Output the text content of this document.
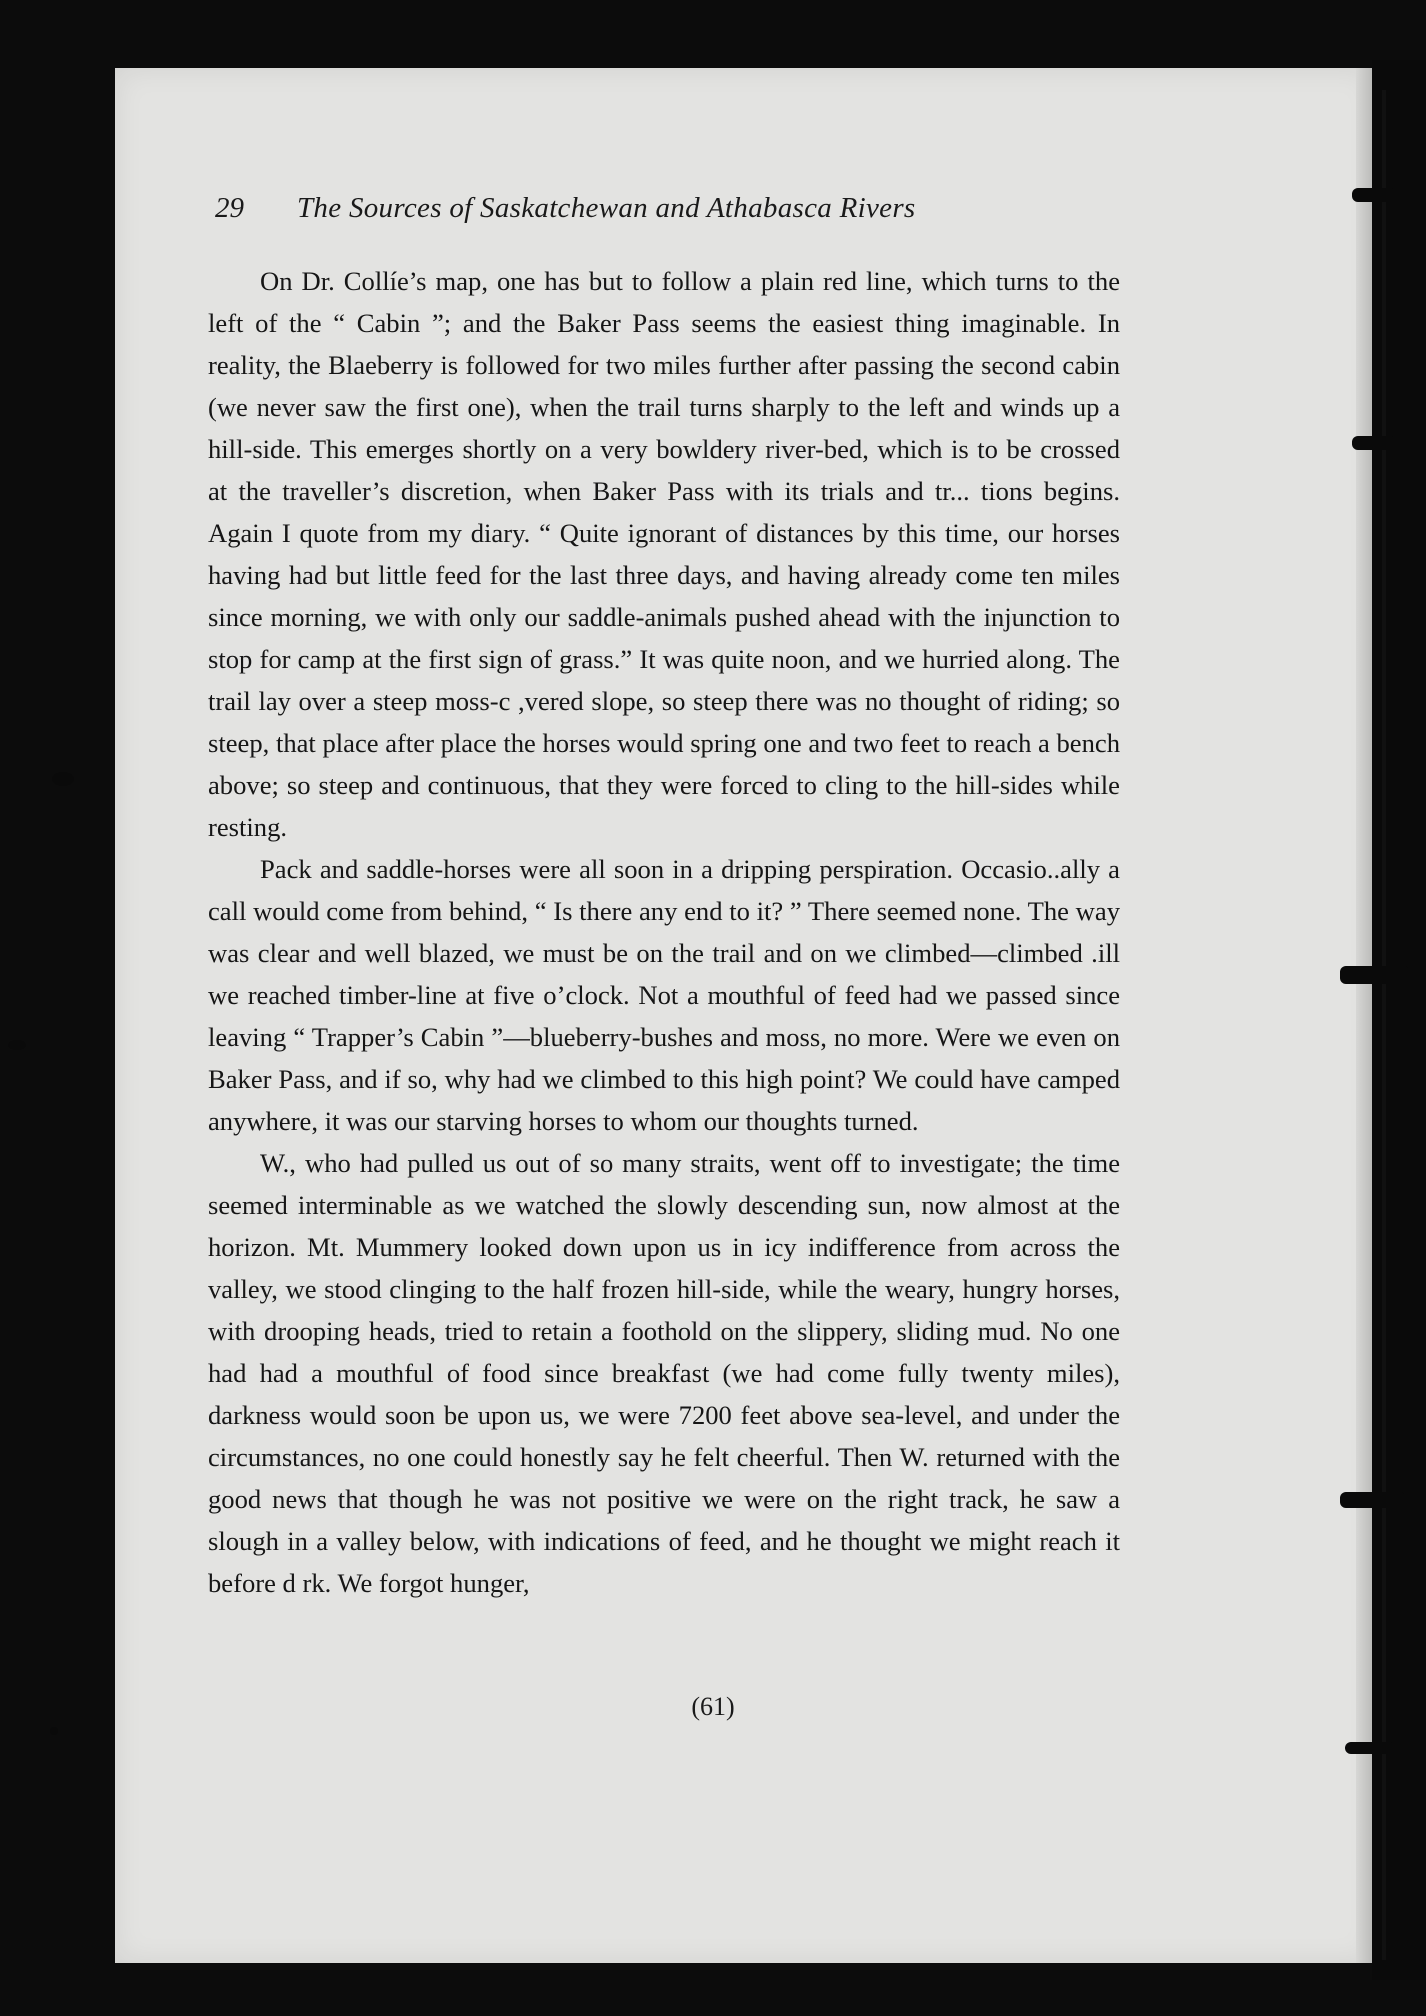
29 The Sources of Saskatchewan and Athabasca Rivers

On Dr. Collíe’s map, one has but to follow a plain red line, which turns to the left of the “ Cabin ”; and the Baker Pass seems the easiest thing imaginable. In reality, the Blaeberry is followed for two miles further after passing the second cabin (we never saw the first one), when the trail turns sharply to the left and winds up a hill-side. This emerges shortly on a very bowldery river-bed, which is to be crossed at the traveller’s discretion, when Baker Pass with its trials and tr... tions begins. Again I quote from my diary. “ Quite ignorant of distances by this time, our horses having had but little feed for the last three days, and having already come ten miles since morning, we with only our saddle-animals pushed ahead with the injunction to stop for camp at the first sign of grass.” It was quite noon, and we hurried along. The trail lay over a steep moss-c ,vered slope, so steep there was no thought of riding; so steep, that place after place the horses would spring one and two feet to reach a bench above; so steep and continuous, that they were forced to cling to the hill-sides while resting.

Pack and saddle-horses were all soon in a dripping perspiration. Occasio..ally a call would come from behind, “ Is there any end to it? ” There seemed none. The way was clear and well blazed, we must be on the trail and on we climbed—climbed .ill we reached timber-line at five o’clock. Not a mouthful of feed had we passed since leaving “ Trapper’s Cabin ”—blueberry-bushes and moss, no more. Were we even on Baker Pass, and if so, why had we climbed to this high point? We could have camped anywhere, it was our starving horses to whom our thoughts turned.

W., who had pulled us out of so many straits, went off to investigate; the time seemed interminable as we watched the slowly descending sun, now almost at the horizon. Mt. Mummery looked down upon us in icy indifference from across the valley, we stood clinging to the half frozen hill-side, while the weary, hungry horses, with drooping heads, tried to retain a foothold on the slippery, sliding mud. No one had had a mouthful of food since breakfast (we had come fully twenty miles), darkness would soon be upon us, we were 7200 feet above sea-level, and under the circumstances, no one could honestly say he felt cheerful. Then W. returned with the good news that though he was not positive we were on the right track, he saw a slough in a valley below, with indications of feed, and he thought we might reach it before d rk. We forgot hunger,

(61)
